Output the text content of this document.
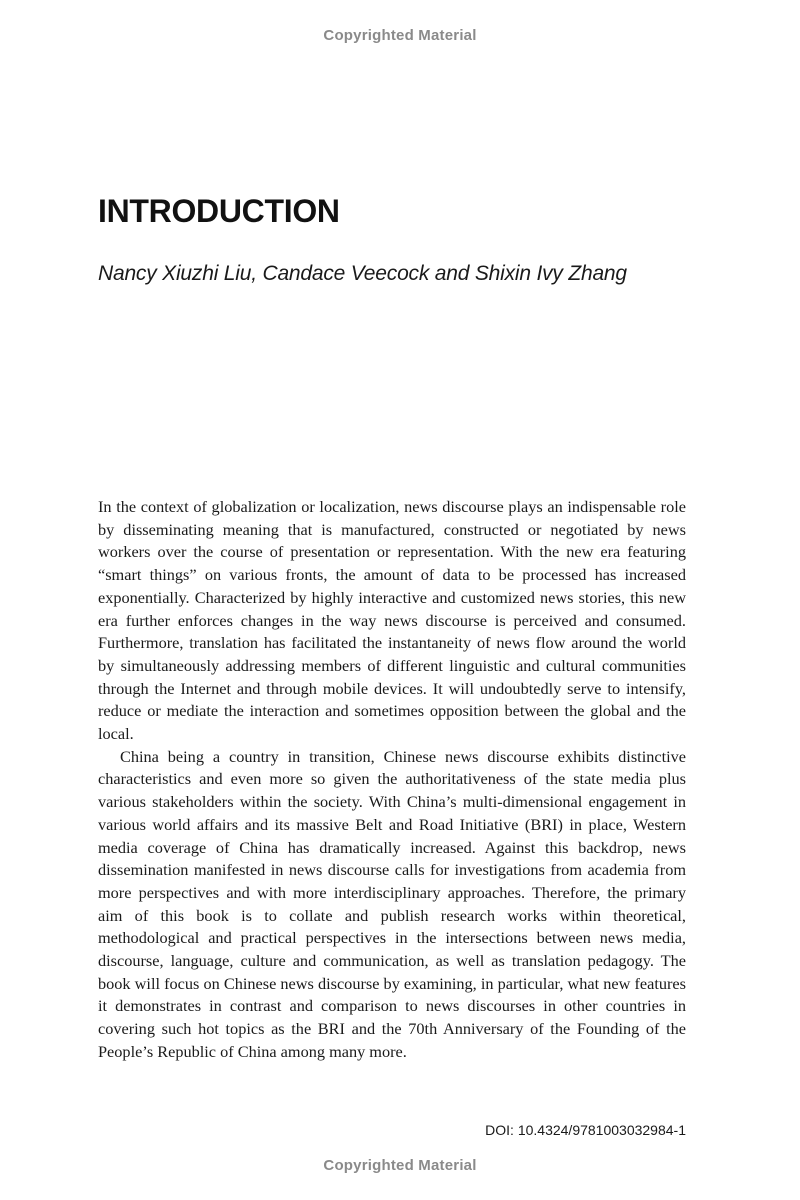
Copyrighted Material
INTRODUCTION

Nancy Xiuzhi Liu, Candace Veecock and Shixin Ivy Zhang

In the context of globalization or localization, news discourse plays an indispensable role by disseminating meaning that is manufactured, constructed or negotiated by news workers over the course of presentation or representation. With the new era featuring “smart things” on various fronts, the amount of data to be processed has increased exponentially. Characterized by highly interactive and customized news stories, this new era further enforces changes in the way news discourse is perceived and consumed. Furthermore, translation has facilitated the instantaneity of news flow around the world by simultaneously addressing members of different linguistic and cultural communities through the Internet and through mobile devices. It will undoubtedly serve to intensify, reduce or mediate the interaction and sometimes opposition between the global and the local.

China being a country in transition, Chinese news discourse exhibits distinctive characteristics and even more so given the authoritativeness of the state media plus various stakeholders within the society. With China’s multi-dimensional engagement in various world affairs and its massive Belt and Road Initiative (BRI) in place, Western media coverage of China has dramatically increased. Against this backdrop, news dissemination manifested in news discourse calls for investigations from academia from more perspectives and with more interdisciplinary approaches. Therefore, the primary aim of this book is to collate and publish research works within theoretical, methodological and practical perspectives in the intersections between news media, discourse, language, culture and communication, as well as translation pedagogy. The book will focus on Chinese news discourse by examining, in particular, what new features it demonstrates in contrast and comparison to news discourses in other countries in covering such hot topics as the BRI and the 70th Anniversary of the Founding of the People’s Republic of China among many more.

DOI: 10.4324/9781003032984-1
Copyrighted Material
